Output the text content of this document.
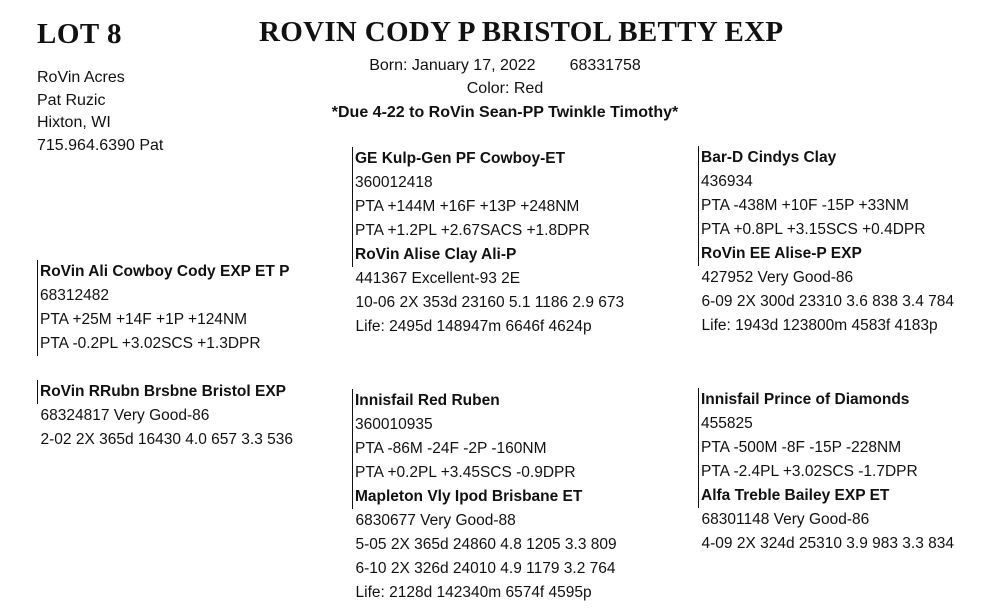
LOT 8	ROVIN CODY P BRISTOL BETTY EXP
RoVin Acres
Pat Ruzic
Hixton, WI
715.964.6390 Pat
Born: January 17, 2022 68331758
Color: Red
*Due 4-22 to RoVin Sean-PP Twinkle Timothy*
RoVin Ali Cowboy Cody EXP ET P
68312482
PTA +25M +14F +1P +124NM
PTA -0.2PL +3.02SCS +1.3DPR
RoVin RRubn Brsbne Bristol EXP
68324817 Very Good-86
2-02 2X 365d 16430 4.0 657 3.3 536
GE Kulp-Gen PF Cowboy-ET
360012418
PTA +144M +16F +13P +248NM
PTA +1.2PL +2.67SACS +1.8DPR
RoVin Alise Clay Ali-P
441367 Excellent-93 2E
10-06 2X 353d 23160 5.1 1186 2.9 673
Life: 2495d 148947m 6646f 4624p
Innisfail Red Ruben
360010935
PTA -86M -24F -2P -160NM
PTA +0.2PL +3.45SCS -0.9DPR
Mapleton Vly Ipod Brisbane ET
6830677 Very Good-88
5-05 2X 365d 24860 4.8 1205 3.3 809
6-10 2X 326d 24010 4.9 1179 3.2 764
Life: 2128d 142340m 6574f 4595p
Bar-D Cindys Clay
436934
PTA -438M +10F -15P +33NM
PTA +0.8PL +3.15SCS +0.4DPR
RoVin EE Alise-P EXP
427952 Very Good-86
6-09 2X 300d 23310 3.6 838 3.4 784
Life: 1943d 123800m 4583f 4183p
Innisfail Prince of Diamonds
455825
PTA -500M -8F -15P -228NM
PTA -2.4PL +3.02SCS -1.7DPR
Alfa Treble Bailey EXP ET
68301148 Very Good-86
4-09 2X 324d 25310 3.9 983 3.3 834
